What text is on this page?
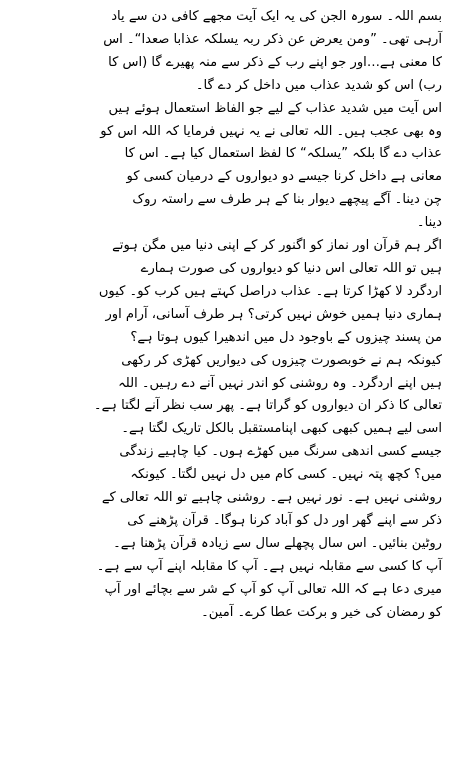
بسم اللہ۔ سورہ الجن کی یہ ایک آیت مجھے کافی دن سے یاد
آرہی تھی۔ ”ومن یعرض عن ذکر ربہ یسلکہ عذابا صعدا“۔ اس
کا معنی ہے…اور جو اپنے رب کے ذکر سے منہ پھیرے گا (اس کا
رب) اس کو شدید عذاب میں داخل کر دے گا۔
اس آیت میں شدید عذاب کے لیے جو الفاظ استعمال ہوئے ہیں
وہ بھی عجب ہیں۔ اللہ تعالی نے یہ نہیں فرمایا کہ اللہ اس کو
عذاب دے گا بلکہ ”یسلکہ“ کا لفظ استعمال کیا ہے۔ اس کا
معانی ہے داخل کرنا جیسے دو دیواروں کے درمیان کسی کو
چن دینا۔ آگے پیچھے دیوار بنا کے ہر طرف سے راستہ روک
دینا۔
اگر ہم قرآن اور نماز کو اگنور کر کے اپنی دنیا میں مگن ہوتے
ہیں تو اللہ تعالی اس دنیا کو دیواروں کی صورت ہمارے
اردگرد لا کھڑا کرتا ہے۔ عذاب دراصل کہتے ہیں کرب کو۔ کیوں
ہماری دنیا ہمیں خوش نہیں کرتی؟ ہر طرف آسانی، آرام اور
من پسند چیزوں کے باوجود دل میں اندھیرا کیوں ہوتا ہے؟
کیونکہ ہم نے خوبصورت چیزوں کی دیواریں کھڑی کر رکھی
ہیں اپنے اردگرد۔ وہ روشنی کو اندر نہیں آنے دے رہیں۔ اللہ
تعالی کا ذکر ان دیواروں کو گراتا ہے۔ پھر سب نظر آنے لگتا ہے۔
اسی لیے ہمیں کبھی کبھی اپنامستقبل بالکل تاریک لگتا ہے۔
جیسے کسی اندھی سرنگ میں کھڑے ہوں۔ کیا چاہیے زندگی
میں؟ کچھ پتہ نہیں۔ کسی کام میں دل نہیں لگتا۔ کیونکہ
روشنی نہیں ہے۔ نور نہیں ہے۔ روشنی چاہیے تو اللہ تعالی کے
ذکر سے اپنے گھر اور دل کو آباد کرنا ہوگا۔ قرآن پڑھنے کی
روٹین بنائیں۔ اس سال پچھلے سال سے زیادہ قرآن پڑھنا ہے۔
آپ کا کسی سے مقابلہ نہیں ہے۔ آپ کا مقابلہ اپنے آپ سے ہے۔
میری دعا ہے کہ اللہ تعالی آپ کو آپ کے شر سے بچائے اور آپ
کو رمضان کی خیر و برکت عطا کرے۔ آمین۔
